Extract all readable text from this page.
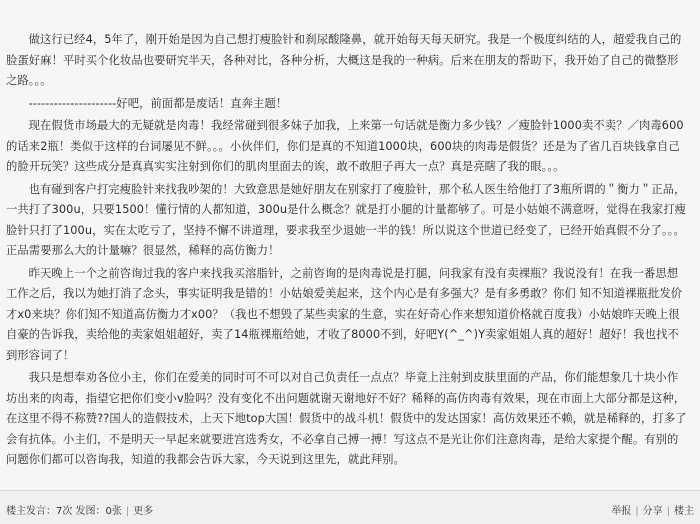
做这行已经4，5年了，刚开始是因为自己想打瘦脸针和刹尿酸隆鼻，就开始每天每天研究。我是一个极度纠结的人，超爱我自己的脸蛋好麻！平时买个化妆品也要研究半天，各种对比，各种分析，大概这是我的一种病。后来在朋友的帮助下，我开始了自己的微整形之路。。。

---------------------好吧，前面都是废话！直奔主题！

现在假货市场最大的无疑就是肉毒！我经常碰到很多妹子加我，上来第一句话就是衡力多少钱？／瘦脸针1000卖不卖？／肉毒600的话来2瓶！类似于这样的台词屡见不鲜。。。小伙伴们，你们是真的不知道1000块，600块的肉毒是假货？还是为了省几百块钱拿自己的脸开玩笑？这些成分是真真实实注射到你们的肌肉里面去的诶，敢不敢胆子再大一点？真是亮瞎了我的眼。。。

也有碰到客户打完瘦脸针来找我吵架的！大致意思是她好朋友在别家打了瘦脸针，那个私人医生给他打了3瓶所谓的＂衡力＂正品，一共打了300u，只要1500！懂行情的人都知道，300u是什么概念？就是打小腿的计量都够了。可是小姑娘不满意呀，觉得在我家打瘦脸针只打了100u，实在太吃亏了，坚持不懈不讲道理，要求我至少退她一半的钱！所以说这个世道已经变了，已经开始真假不分了。。。正品需要那么大的计量嘛？很显然，稀释的高仿衡力！

昨天晚上一个之前咨询过我的客户来找我买溶脂针，之前咨询的是肉毒说是打腿，问我家有没有卖裸瓶？我说没有！在我一番思想工作之后，我以为她打消了念头，事实证明我是错的！小姑娘爱美起来，这个内心是有多强大？是有多勇敢？你们 知不知道裸瓶批发价才x0来块？你们知不知道高仿衡力才x00？（我也不想毁了某些卖家的生意，实在好奇心作来想知道价格就百度我）小姑娘昨天晚上很自豪的告诉我，卖给他的卖家姐姐超好，卖了14瓶裸瓶给她，才收了8000不到，好吧Y(^_^)Y卖家姐姐人真的超好！超好！我也找不到形容词了！

我只是想奉劝各位小主，你们在爱美的同时可不可以对自己负责任一点点？毕竟上注射到皮肤里面的产品，你们能想象几十块小作坊出来的肉毒，指望它把你们变小v脸吗？没有变化不出问题就谢天谢地好不好？稀释的高仿肉毒有效果，现在市面上大部分都是这种，在这里不得不称赞??国人的造假技术，上天下地top大国！假货中的战斗机！假货中的发达国家！高仿效果还不赖，就是稀释的，打多了会有抗体。小主们，不是明天一早起来就要进宫选秀女，不必拿自己搏一搏！写这点不是光让你们注意肉毒，是给大家提个醒。有别的问题你们都可以咨询我，知道的我都会告诉大家，今天说到这里先，就此拜别。

楼主发言：7次 发图：0张 | 更多	举报 | 分享 | 楼主
